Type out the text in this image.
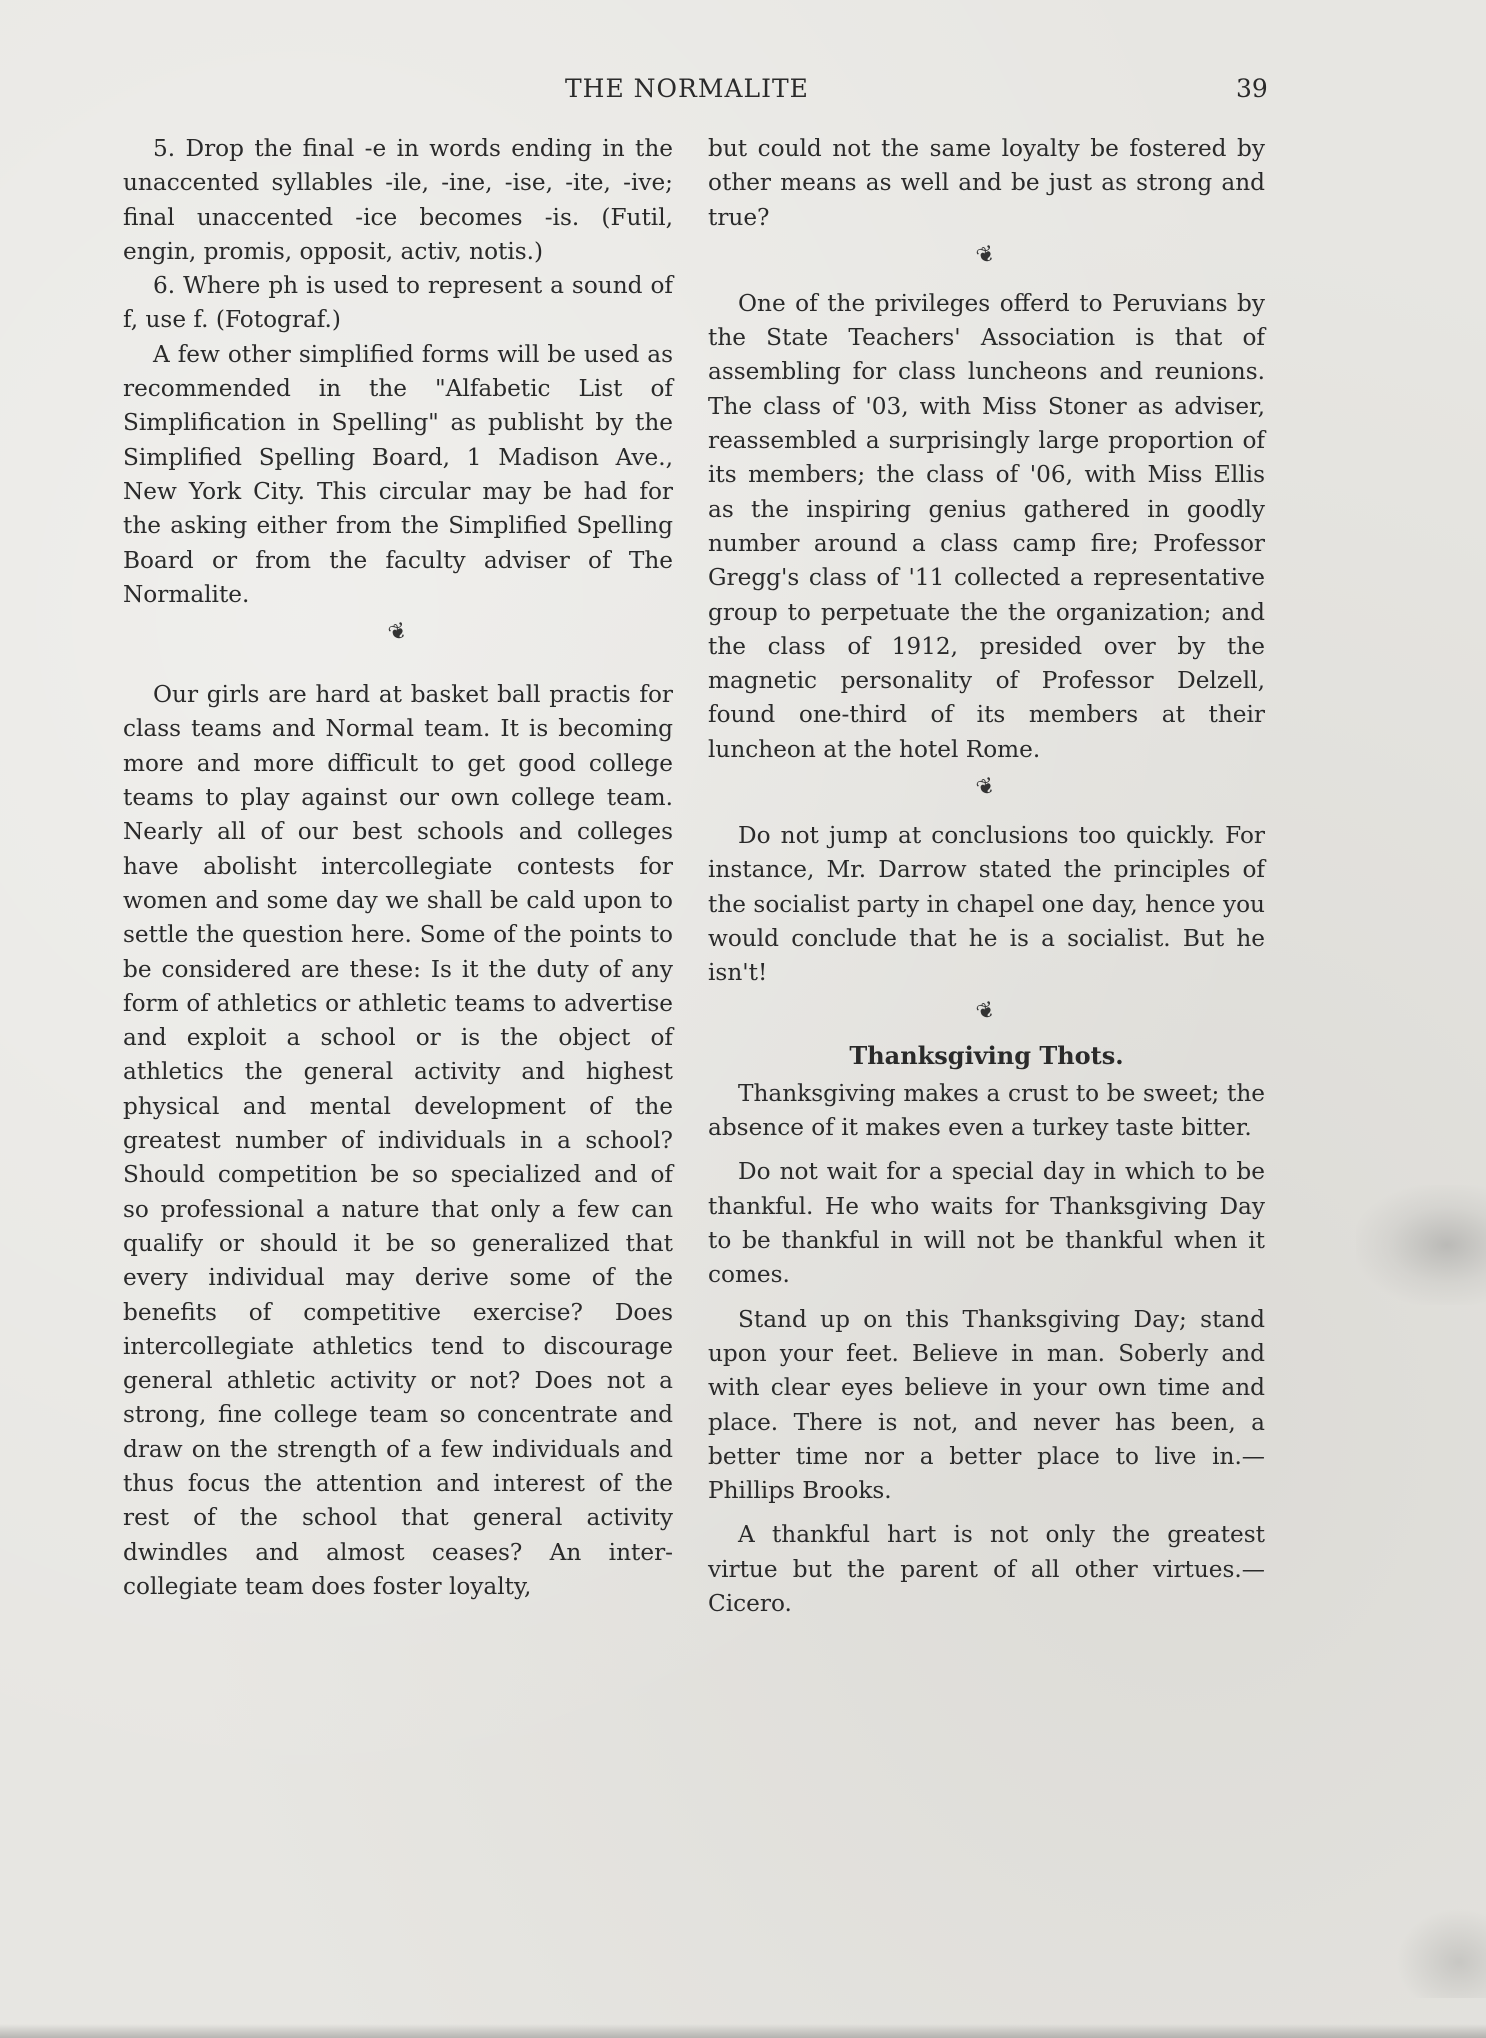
THE NORMALITE	39

5. Drop the final -e in words ending in the unaccented syllables -ile, -ine, -ise, -ite, -ive; final unaccented -ice becomes -is. (Futil, engin, promis, opposit, activ, notis.)

6. Where ph is used to represent a sound of f, use f. (Fotograf.)

A few other simplified forms will be used as recommended in the "Alfabetic List of Simplification in Spelling" as publisht by the Simplified Spelling Board, 1 Madison Ave., New York City. This circular may be had for the asking either from the Simplified Spelling Board or from the faculty adviser of The Normalite.

❦

Our girls are hard at basket ball practis for class teams and Normal team. It is becoming more and more difficult to get good college teams to play against our own college team. Nearly all of our best schools and colleges have abolisht intercollegiate contests for women and some day we shall be cald upon to settle the question here. Some of the points to be considered are these: Is it the duty of any form of athletics or athletic teams to advertise and exploit a school or is the object of athletics the general activity and highest physical and mental development of the greatest number of individuals in a school? Should competition be so specialized and of so professional a nature that only a few can qualify or should it be so generalized that every individual may derive some of the benefits of competitive exercise? Does intercollegiate athletics tend to discourage general athletic activity or not? Does not a strong, fine college team so concentrate and draw on the strength of a few individuals and thus focus the attention and interest of the rest of the school that general activity dwindles and almost ceases? An inter-collegiate team does foster loyalty,

but could not the same loyalty be fostered by other means as well and be just as strong and true?

❦

One of the privileges offerd to Peruvians by the State Teachers' Association is that of assembling for class luncheons and reunions. The class of '03, with Miss Stoner as adviser, reassembled a surprisingly large proportion of its members; the class of '06, with Miss Ellis as the inspiring genius gathered in goodly number around a class camp fire; Professor Gregg's class of '11 collected a representative group to perpetuate the the organization; and the class of 1912, presided over by the magnetic personality of Professor Delzell, found one-third of its members at their luncheon at the hotel Rome.

❦

Do not jump at conclusions too quickly. For instance, Mr. Darrow stated the principles of the socialist party in chapel one day, hence you would conclude that he is a socialist. But he isn't!

❦
Thanksgiving Thots.

Thanksgiving makes a crust to be sweet; the absence of it makes even a turkey taste bitter.

Do not wait for a special day in which to be thankful. He who waits for Thanksgiving Day to be thankful in will not be thankful when it comes.

Stand up on this Thanksgiving Day; stand upon your feet. Believe in man. Soberly and with clear eyes believe in your own time and place. There is not, and never has been, a better time nor a better place to live in.—Phillips Brooks.

A thankful hart is not only the greatest virtue but the parent of all other virtues.—Cicero.
